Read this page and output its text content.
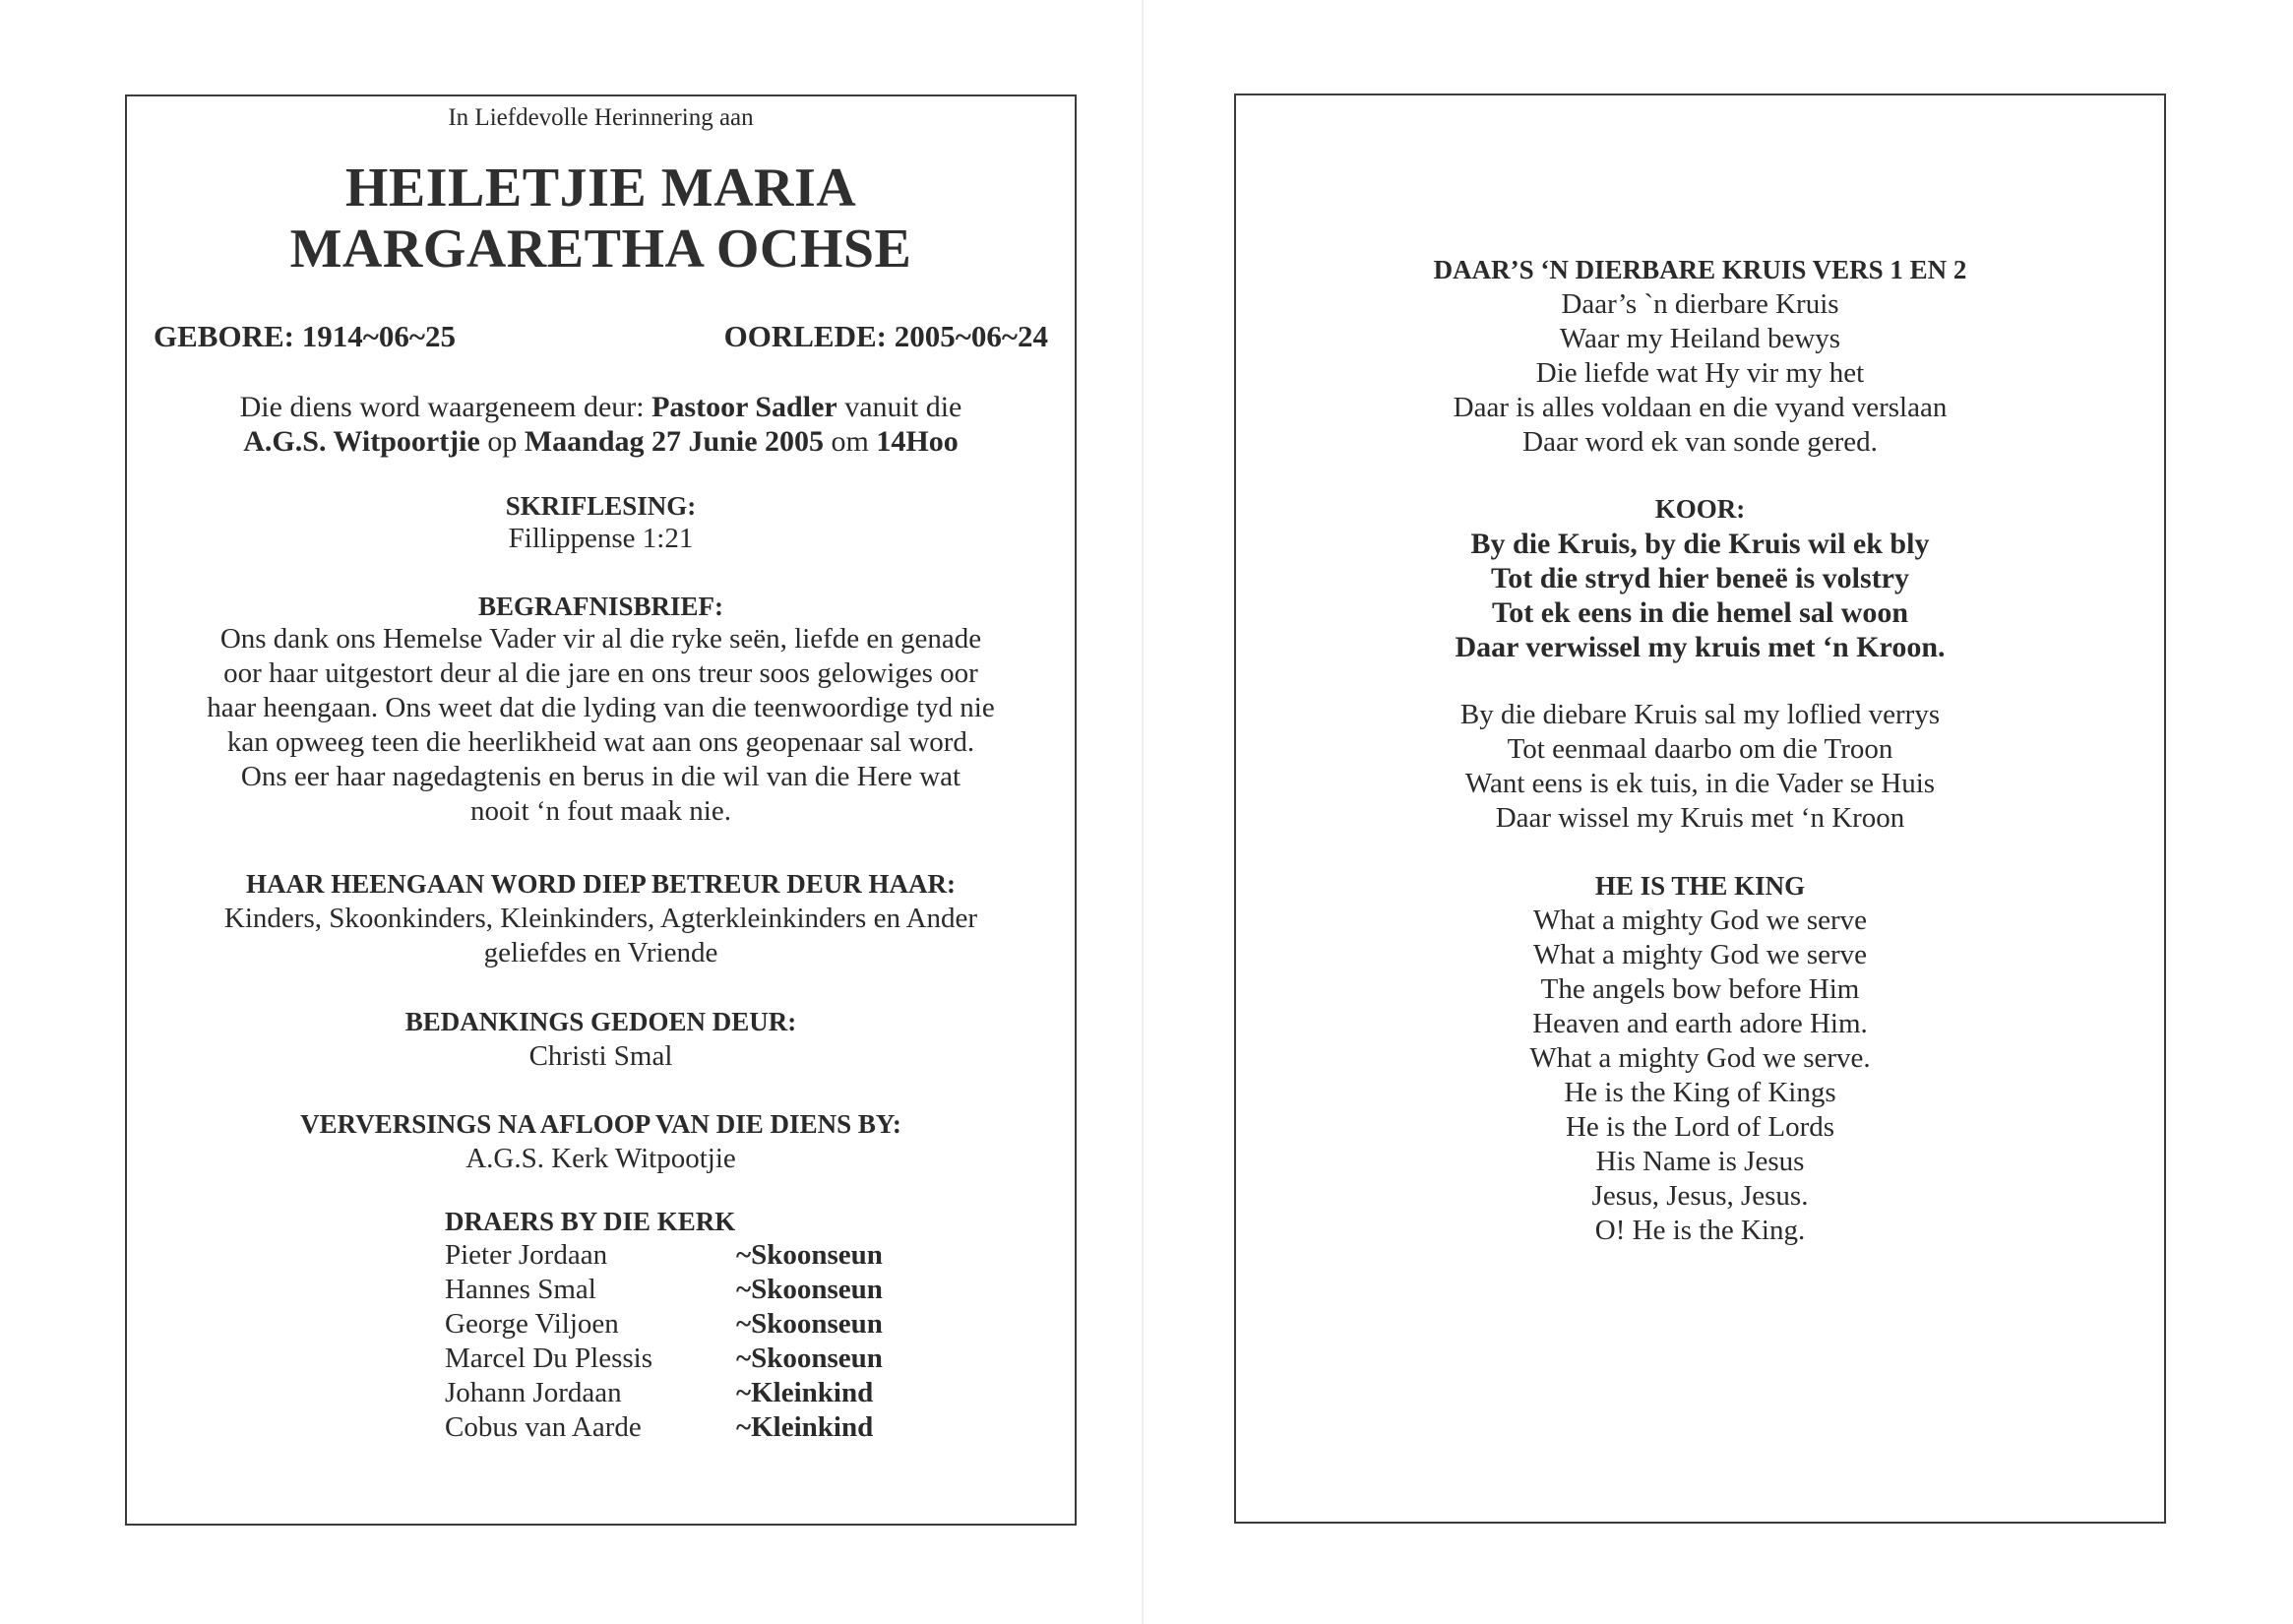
In Liefdevolle Herinnering aan
HEILETJIE MARIA
MARGARETHA OCHSE
GEBORE: 1914~06~25	OORLEDE: 2005~06~24
Die diens word waargeneem deur: Pastoor Sadler vanuit die
A.G.S. Witpoortjie op Maandag 27 Junie 2005 om 14Hoo
SKRIFLESING:
Fillippense 1:21
BEGRAFNISBRIEF:
Ons dank ons Hemelse Vader vir al die ryke seën, liefde en genade
oor haar uitgestort deur al die jare en ons treur soos gelowiges oor
haar heengaan. Ons weet dat die lyding van die teenwoordige tyd nie
kan opweeg teen die heerlikheid wat aan ons geopenaar sal word.
Ons eer haar nagedagtenis en berus in die wil van die Here wat
nooit ‘n fout maak nie.
HAAR HEENGAAN WORD DIEP BETREUR DEUR HAAR:
Kinders, Skoonkinders, Kleinkinders, Agterkleinkinders en Ander
geliefdes en Vriende
BEDANKINGS GEDOEN DEUR:
Christi Smal
VERVERSINGS NA AFLOOP VAN DIE DIENS BY:
A.G.S. Kerk Witpootjie
DRAERS BY DIE KERK
Pieter Jordaan	~Skoonseun
Hannes Smal	~Skoonseun
George Viljoen	~Skoonseun
Marcel Du Plessis	~Skoonseun
Johann Jordaan	~Kleinkind
Cobus van Aarde	~Kleinkind
DAAR’S ‘N DIERBARE KRUIS VERS 1 EN 2
Daar’s `n dierbare Kruis
Waar my Heiland bewys
Die liefde wat Hy vir my het
Daar is alles voldaan en die vyand verslaan
Daar word ek van sonde gered.
KOOR:
By die Kruis, by die Kruis wil ek bly
Tot die stryd hier beneë is volstry
Tot ek eens in die hemel sal woon
Daar verwissel my kruis met ‘n Kroon.
By die diebare Kruis sal my loflied verrys
Tot eenmaal daarbo om die Troon
Want eens is ek tuis, in die Vader se Huis
Daar wissel my Kruis met ‘n Kroon
HE IS THE KING
What a mighty God we serve
What a mighty God we serve
The angels bow before Him
Heaven and earth adore Him.
What a mighty God we serve.
He is the King of Kings
He is the Lord of Lords
His Name is Jesus
Jesus, Jesus, Jesus.
O! He is the King.
